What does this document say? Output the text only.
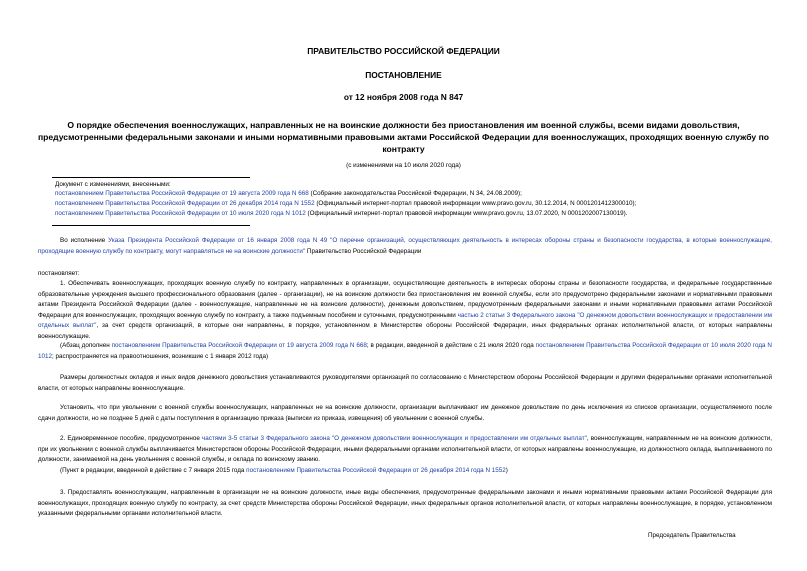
ПРАВИТЕЛЬСТВО РОССИЙСКОЙ ФЕДЕРАЦИИ
ПОСТАНОВЛЕНИЕ
от 12 ноября 2008 года N 847
О порядке обеспечения военнослужащих, направленных не на воинские должности без приостановления им военной службы, всеми видами довольствия, предусмотренными федеральными законами и иными нормативными правовыми актами Российской Федерации для военнослужащих, проходящих военную службу по контракту
(с изменениями на 10 июля 2020 года)
Документ с изменениями, внесенными:
постановлением Правительства Российской Федерации от 19 августа 2009 года N 668 (Собрание законодательства Российской Федерации, N 34, 24.08.2009);
постановлением Правительства Российской Федерации от 26 декабря 2014 года N 1552 (Официальный интернет-портал правовой информации www.pravo.gov.ru, 30.12.2014, N 0001201412300010);
постановлением Правительства Российской Федерации от 10 июля 2020 года N 1012 (Официальный интернет-портал правовой информации www.pravo.gov.ru, 13.07.2020, N 0001202007130019).
Во исполнение Указа Президента Российской Федерации от 16 января 2008 года N 49 "О перечне организаций, осуществляющих деятельность в интересах обороны страны и безопасности государства, в которые военнослужащие, проходящие военную службу по контракту, могут направляться не на воинские должности" Правительство Российской Федерации
постановляет:
1. Обеспечивать военнослужащих, проходящих военную службу по контракту, направленных в организации, осуществляющие деятельность в интересах обороны страны и безопасности государства, и федеральные государственные образовательные учреждения высшего профессионального образования (далее - организации), не на воинские должности без приостановления им военной службы, если это предусмотрено федеральными законами и нормативными правовыми актами Президента Российской Федерации (далее - военнослужащие, направленные не на воинские должности), денежным довольствием, предусмотренным федеральными законами и иными нормативными правовыми актами Российской Федерации для военнослужащих, проходящих военную службу по контракту, а также подъемным пособием и суточными, предусмотренными частью 2 статьи 3 Федерального закона "О денежном довольствии военнослужащих и предоставлении им отдельных выплат", за счет средств организаций, в которые они направлены, в порядке, установленном в Министерстве обороны Российской Федерации, иных федеральных органах исполнительной власти, от которых направлены военнослужащие.
(Абзац дополнен постановлением Правительства Российской Федерации от 19 августа 2009 года N 668; в редакции, введенной в действие с 21 июля 2020 года постановлением Правительства Российской Федерации от 10 июля 2020 года N 1012; распространяется на правоотношения, возникшие с 1 января 2012 года)
Размеры должностных окладов и иных видов денежного довольствия устанавливаются руководителями организаций по согласованию с Министерством обороны Российской Федерации и другими федеральными органами исполнительной власти, от которых направлены военнослужащие.
Установить, что при увольнении с военной службы военнослужащих, направленных не на воинские должности, организации выплачивают им денежное довольствие по день исключения из списков организации, осуществляемого после сдачи должности, но не позднее 5 дней с даты поступления в организацию приказа (выписки из приказа, извещения) об увольнении с военной службы.
2. Единовременное пособие, предусмотренное частями 3-5 статьи 3 Федерального закона "О денежном довольствии военнослужащих и предоставлении им отдельных выплат", военнослужащим, направленным не на воинские должности, при их увольнении с военной службы выплачивается Министерством обороны Российской Федерации, иными федеральными органами исполнительной власти, от которых направлены военнослужащие, из должностного оклада, выплачиваемого по должности, занимаемой на день увольнения с военной службы, и оклада по воинскому званию.
(Пункт в редакции, введенной в действие с 7 января 2015 года постановлением Правительства Российской Федерации от 26 декабря 2014 года N 1552)
3. Предоставлять военнослужащим, направленным в организации не на воинские должности, иные виды обеспечения, предусмотренные федеральными законами и иными нормативными правовыми актами Российской Федерации для военнослужащих, проходящих военную службу по контракту, за счет средств Министерства обороны Российской Федерации, иных федеральных органов исполнительной власти, от которых направлены военнослужащие, в порядке, установленном указанными федеральными органами исполнительной власти.
Председатель Правительства
